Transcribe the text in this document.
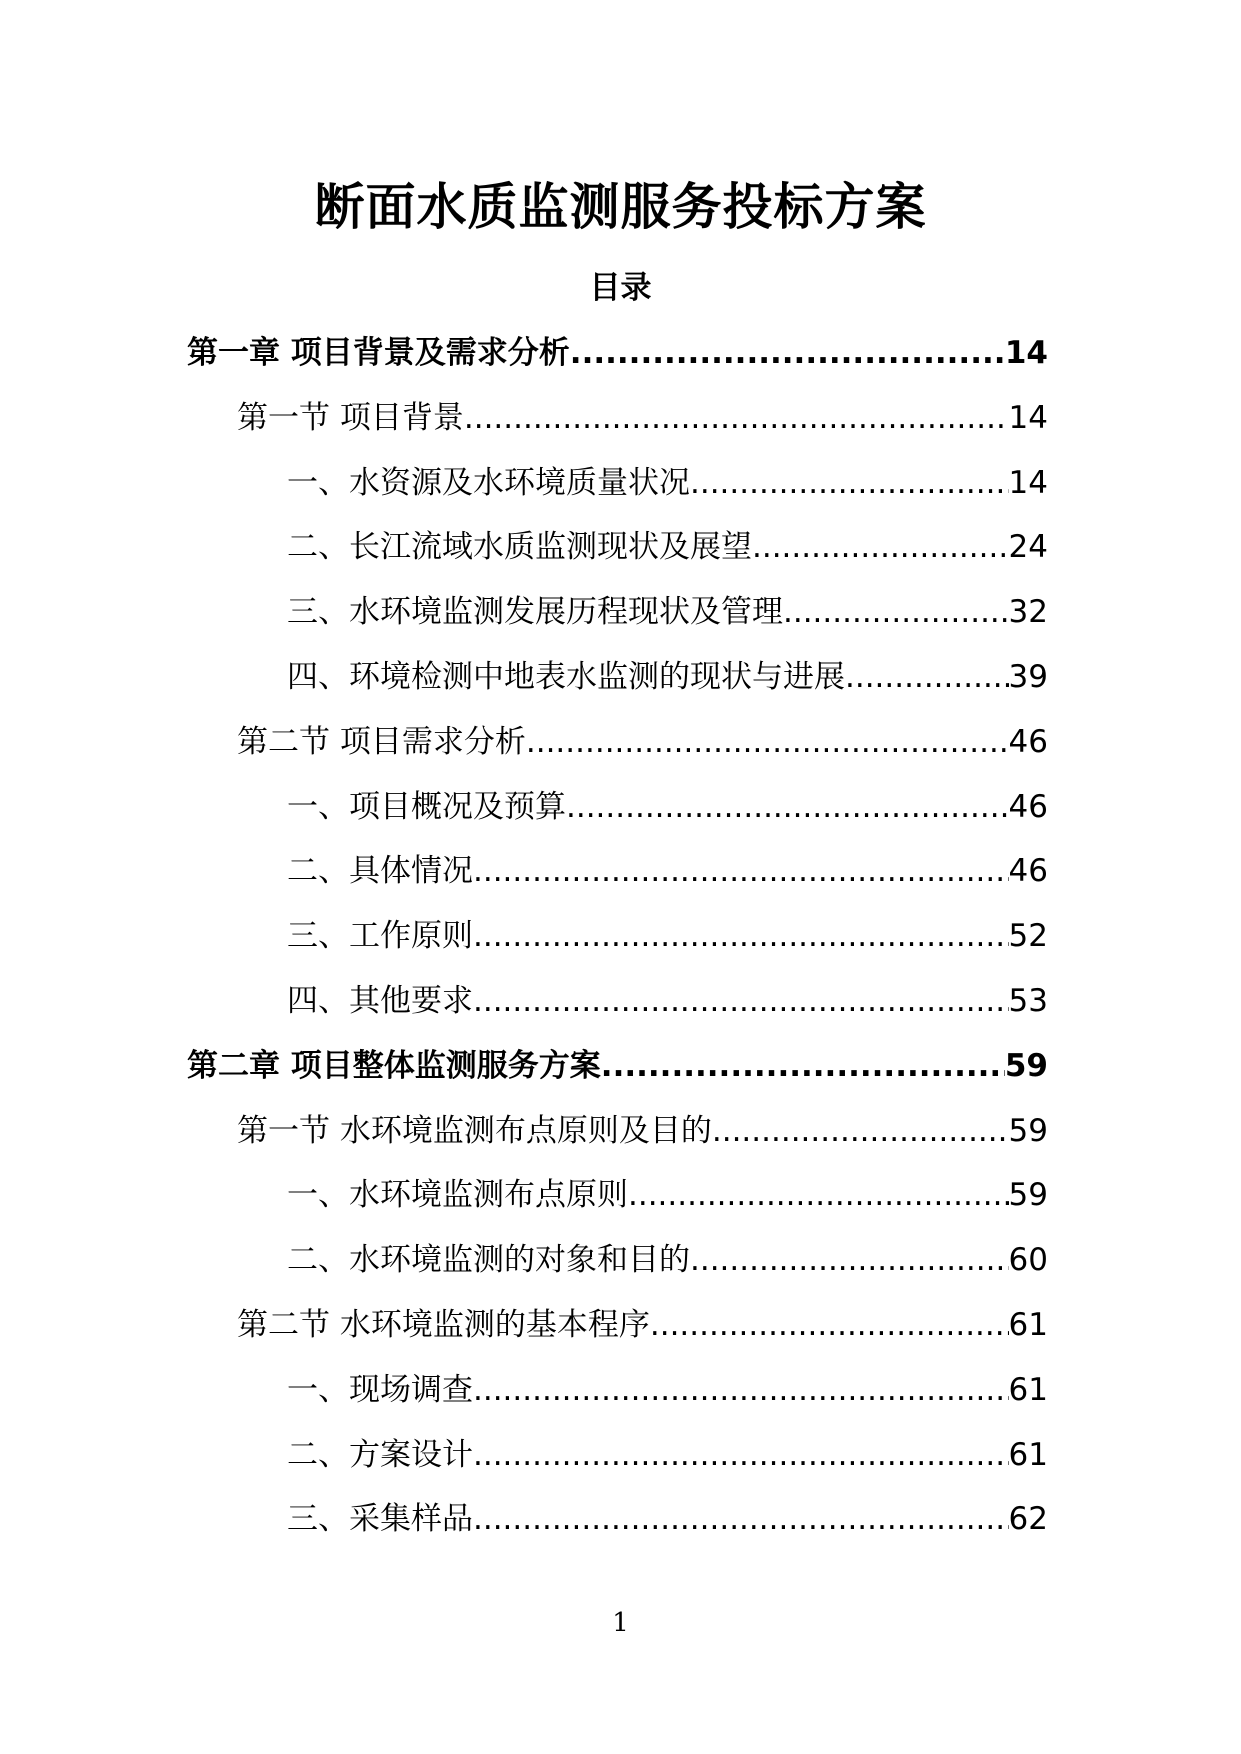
断面水质监测服务投标方案
目录
第一章 项目背景及需求分析 .....	14
第一节 项目背景 .....	14
一、水资源及水环境质量状况 .....	14
二、长江流域水质监测现状及展望 .....	24
三、水环境监测发展历程现状及管理 .....	32
四、环境检测中地表水监测的现状与进展 .....	39
第二节 项目需求分析 .....	46
一、项目概况及预算 .....	46
二、具体情况 .....	46
三、工作原则 .....	52
四、其他要求 .....	53
第二章 项目整体监测服务方案 .....	59
第一节 水环境监测布点原则及目的 .....	59
一、水环境监测布点原则 .....	59
二、水环境监测的对象和目的 .....	60
第二节 水环境监测的基本程序 .....	61
一、现场调查 .....	61
二、方案设计 .....	61
三、采集样品 .....	62
1
